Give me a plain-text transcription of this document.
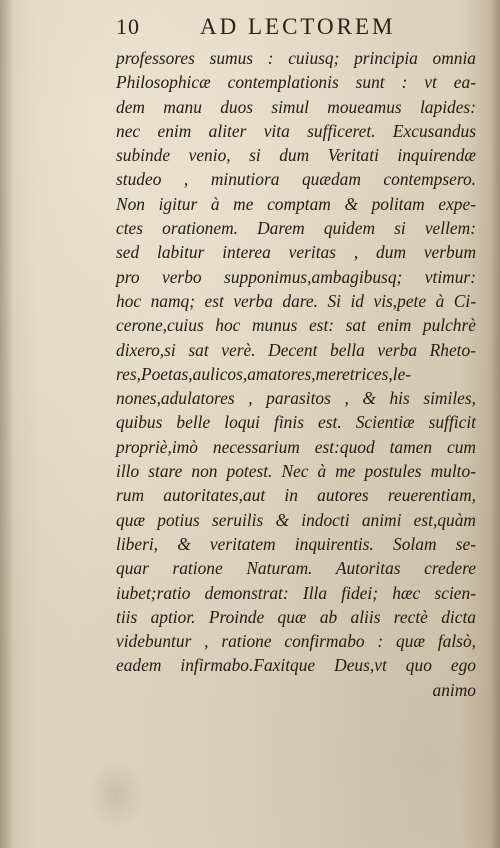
10	AD LECTOREM
professores sumus : cuiusq; principia omnia
Philosophicæ contemplationis sunt : vt ea-
dem manu duos simul moueamus lapides:
nec enim aliter vita sufficeret. Excusandus
subinde venio, si dum Veritati inquirendæ
studeo , minutiora quædam contempsero.
Non igitur à me comptam & politam expe-
ctes orationem. Darem quidem si vellem:
sed labitur interea veritas , dum verbum
pro verbo supponimus,ambagibusq; vtimur:
hoc namq; est verba dare. Si id vis,pete à Ci-
cerone,cuius hoc munus est: sat enim pulchrè
dixero,si sat verè. Decent bella verba Rheto-
res,Poetas,aulicos,amatores,meretrices,le-
nones,adulatores , parasitos , & his similes,
quibus belle loqui finis est. Scientiæ sufficit
propriè,imò necessarium est:quod tamen cum
illo stare non potest. Nec à me postules multo-
rum autoritates,aut in autores reuerentiam,
quæ potius seruilis & indocti animi est,quàm
liberi, & veritatem inquirentis. Solam se-
quar ratione Naturam. Autoritas credere
iubet;ratio demonstrat: Illa fidei; hæc scien-
tiis aptior. Proinde quæ ab aliis rectè dicta
videbuntur , ratione confirmabo : quæ falsò,
eadem infirmabo.Faxitque Deus,vt quo ego
animo
